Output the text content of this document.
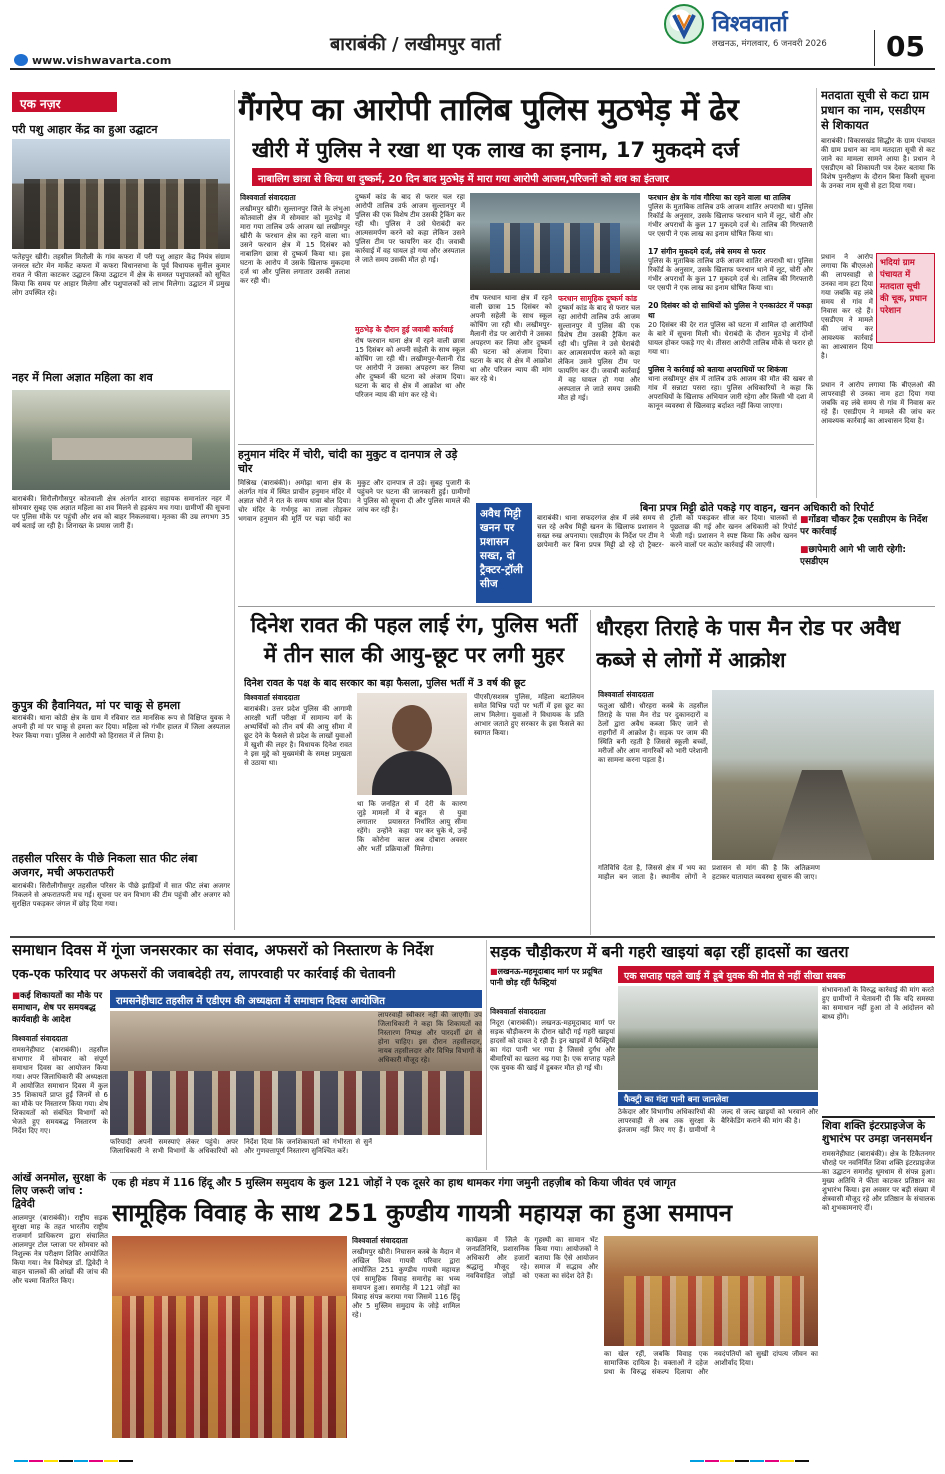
बाराबंकी / लखीमपुर वार्ता
विश्ववार्ता
लखनऊ, मंगलवार, 6 जनवरी 2026 05
www.vishwavarta.com
एक नज़र
परी पशु आहार केंद्र का हुआ उद्घाटन
फतेहपुर खीरी। तहसील मितौली के गांव कफरा में परी पशु आहार केंद्र नियंत्र संग्राम जनरल स्टोर मेन मार्केट कफरा में कफरा विधानसभा के पूर्व विधायक सुनील कुमार रावत ने फीता काटकर उद्घाटन किया उद्घाटन में क्षेत्र के समस्त पशुपालकों को सूचित किया कि समय पर आहार मिलेगा और पशुपालकों को लाभ मिलेगा। उद्घाटन में प्रमुख लोग उपस्थित रहे।
नहर में मिला अज्ञात महिला का शव
बाराबंकी। सिरौलीगौसपुर कोतवाली क्षेत्र अंतर्गत शारदा सहायक समानांतर नहर में सोमवार सुबह एक अज्ञात महिला का शव मिलने से हड़कंप मच गया। ग्रामीणों की सूचना पर पुलिस मौके पर पहुंची और शव को बाहर निकलवाया। मृतका की उम्र लगभग 35 वर्ष बताई जा रही है। शिनाख्त के प्रयास जारी हैं।
कुपुत्र की हैवानियत, मां पर चाकू से हमला
बाराबंकी। थाना कोठी क्षेत्र के ग्राम में रविवार रात मानसिक रूप से विक्षिप्त युवक ने अपनी ही मां पर चाकू से हमला कर दिया। महिला को गंभीर हालत में जिला अस्पताल रेफर किया गया। पुलिस ने आरोपी को हिरासत में ले लिया है।
तहसील परिसर के पीछे निकला सात फीट लंबा अजगर, मची अफरातफरी
बाराबंकी। सिरौलीगौसपुर तहसील परिसर के पीछे झाड़ियों में सात फीट लंबा अजगर निकलने से अफरातफरी मच गई। सूचना पर वन विभाग की टीम पहुंची और अजगर को सुरक्षित पकड़कर जंगल में छोड़ दिया गया।
गैंगरेप का आरोपी तालिब पुलिस मुठभेड़ में ढेर
खीरी में पुलिस ने रखा था एक लाख का इनाम, 17 मुकदमे दर्ज
नाबालिग छात्रा से किया था दुष्कर्म, 20 दिन बाद मुठभेड़ में मारा गया आरोपी आजम,परिजनों को शव का इंतजार
विश्ववार्ता संवाददाता
लखीमपुर खीरी। सुल्तानपुर जिले के लंभुआ कोतवाली क्षेत्र में सोमवार को मुठभेड़ में मारा गया तालिब उर्फ आजम खां लखीमपुर खीरी के फरधान क्षेत्र का रहने वाला था। उसने फरधान क्षेत्र में 15 दिसंबर को नाबालिग छात्रा से दुष्कर्म किया था। इस घटना के आरोप में उसके खिलाफ मुकदमा दर्ज था और पुलिस लगातार उसकी तलाश कर रही थी।
दुष्कर्म कांड के बाद से फरार चल रहा आरोपी तालिब उर्फ आजम सुल्तानपुर में पुलिस की एक विशेष टीम उसकी ट्रैकिंग कर रही थी। पुलिस ने उसे घेराबंदी कर आत्मसमर्पण करने को कहा लेकिन उसने पुलिस टीम पर फायरिंग कर दी। जवाबी कार्रवाई में वह घायल हो गया और अस्पताल ले जाते समय उसकी मौत हो गई।
मुठभेड़ के दौरान हुई जवाबी कार्रवाई
रोष फरधान थाना क्षेत्र में रहने वाली छात्रा 15 दिसंबर को अपनी सहेली के साथ स्कूल कोचिंग जा रही थी। लखीमपुर-मैलानी रोड पर आरोपी ने उसका अपहरण कर लिया और दुष्कर्म की घटना को अंजाम दिया। घटना के बाद से क्षेत्र में आक्रोश था और परिजन न्याय की मांग कर रहे थे।
रोष फरधान थाना क्षेत्र में रहने वाली छात्रा 15 दिसंबर को अपनी सहेली के साथ स्कूल कोचिंग जा रही थी। लखीमपुर-मैलानी रोड पर आरोपी ने उसका अपहरण कर लिया और दुष्कर्म की घटना को अंजाम दिया। घटना के बाद से क्षेत्र में आक्रोश था और परिजन न्याय की मांग कर रहे थे।
फरधान सामूहिक दुष्कर्म कांड
दुष्कर्म कांड के बाद से फरार चल रहा आरोपी तालिब उर्फ आजम सुल्तानपुर में पुलिस की एक विशेष टीम उसकी ट्रैकिंग कर रही थी। पुलिस ने उसे घेराबंदी कर आत्मसमर्पण करने को कहा लेकिन उसने पुलिस टीम पर फायरिंग कर दी। जवाबी कार्रवाई में वह घायल हो गया और अस्पताल ले जाते समय उसकी मौत हो गई।
फरधान क्षेत्र के गांव गौरिया का रहने वाला था तालिब
पुलिस के मुताबिक तालिब उर्फ आजम शातिर अपराधी था। पुलिस रिकॉर्ड के अनुसार, उसके खिलाफ फरधान थाने में लूट, चोरी और गंभीर अपराधों के कुल 17 मुकदमे दर्ज थे। तालिब की गिरफ्तारी पर एसपी ने एक लाख का इनाम घोषित किया था।
17 संगीन मुकदमे दर्ज, लंबे समय से फरार
पुलिस के मुताबिक तालिब उर्फ आजम शातिर अपराधी था। पुलिस रिकॉर्ड के अनुसार, उसके खिलाफ फरधान थाने में लूट, चोरी और गंभीर अपराधों के कुल 17 मुकदमे दर्ज थे। तालिब की गिरफ्तारी पर एसपी ने एक लाख का इनाम घोषित किया था।
20 दिसंबर को दो साथियों को पुलिस ने एनकाउंटर में पकड़ा था
20 दिसंबर की देर रात पुलिस को घटना में शामिल दो आरोपियों के बारे में सूचना मिली थी। घेराबंदी के दौरान मुठभेड़ में दोनों घायल होकर पकड़े गए थे। तीसरा आरोपी तालिब मौके से फरार हो गया था।
पुलिस ने कार्रवाई को बताया अपराधियों पर शिकंजा
थाना लखीमपुर क्षेत्र में तालिब उर्फ आजम की मौत की खबर से गांव में सन्नाटा पसरा रहा। पुलिस अधिकारियों ने कहा कि अपराधियों के खिलाफ अभियान जारी रहेगा और किसी भी दशा में कानून व्यवस्था से खिलवाड़ बर्दाश्त नहीं किया जाएगा।
मतदाता सूची से कटा ग्राम प्रधान का नाम, एसडीएम से शिकायत
बाराबंकी। विकासखंड सिद्धौर के ग्राम पंचायत की ग्राम प्रधान का नाम मतदाता सूची से कट जाने का मामला सामने आया है। प्रधान ने एसडीएम को शिकायती पत्र देकर बताया कि विशेष पुनरीक्षण के दौरान बिना किसी सूचना के उनका नाम सूची से हटा दिया गया।
प्रधान ने आरोप लगाया कि बीएलओ की लापरवाही से उनका नाम हटा दिया गया जबकि वह लंबे समय से गांव में निवास कर रहे हैं। एसडीएम ने मामले की जांच कर आवश्यक कार्रवाई का आश्वासन दिया है।
भदियां ग्राम पंचायत में मतदाता सूची की चूक, प्रधान परेशान
प्रधान ने आरोप लगाया कि बीएलओ की लापरवाही से उनका नाम हटा दिया गया जबकि वह लंबे समय से गांव में निवास कर रहे हैं। एसडीएम ने मामले की जांच कर आवश्यक कार्रवाई का आश्वासन दिया है।
हनुमान मंदिर में चोरी, चांदी का मुकुट व दानपात्र ले उड़े चोर
मिश्रिख (बाराबंकी)। अमोढ़ा थाना क्षेत्र के अंतर्गत गांव में स्थित प्राचीन हनुमान मंदिर में अज्ञात चोरों ने रात के समय धावा बोल दिया। चोर मंदिर के गर्भगृह का ताला तोड़कर भगवान हनुमान की मूर्ति पर चढ़ा चांदी का मुकुट और दानपात्र ले उड़े। सुबह पुजारी के पहुंचने पर घटना की जानकारी हुई। ग्रामीणों ने पुलिस को सूचना दी और पुलिस मामले की जांच कर रही है।	अवैध मिट्टी खनन पर प्रशासन सख्त, दो ट्रैक्टर-ट्रॉली सीज
बिना प्रपत्र मिट्टी ढोते पकड़े गए वाहन, खनन अधिकारी को रिपोर्ट
बाराबंकी। थाना सफदरगंज क्षेत्र में लंबे समय से चल रहे अवैध मिट्टी खनन के खिलाफ प्रशासन ने सख्त रुख अपनाया। एसडीएम के निर्देश पर टीम ने छापेमारी कर बिना प्रपत्र मिट्टी ढो रहे दो ट्रैक्टर-ट्रॉली को पकड़कर सीज कर दिया। चालकों से पूछताछ की गई और खनन अधिकारी को रिपोर्ट भेजी गई। प्रशासन ने स्पष्ट किया कि अवैध खनन करने वालों पर कठोर कार्रवाई की जाएगी।
■ गोंडवा चौकर ट्रैक एसडीएम के निर्देश पर कार्रवाई
■ छापेमारी आगे भी जारी रहेगी: एसडीएम
दिनेश रावत की पहल लाई रंग, पुलिस भर्ती में तीन साल की आयु-छूट पर लगी मुहर
दिनेश रावत के पक्ष के बाद सरकार का बड़ा फैसला, पुलिस भर्ती में 3 वर्ष की छूट
विश्ववार्ता संवाददाता
बाराबंकी। उत्तर प्रदेश पुलिस की आगामी आरक्षी भर्ती परीक्षा में सामान्य वर्ग के अभ्यर्थियों को तीन वर्ष की आयु सीमा में छूट देने के फैसले से प्रदेश के लाखों युवाओं में खुशी की लहर है। विधायक दिनेश रावत ने इस मुद्दे को मुख्यमंत्री के समक्ष प्रमुखता से उठाया था।
था कि जनहित से जुड़े मामलों में वे लगातार प्रयासरत रहेंगे। उन्होंने कहा कि कोरोना काल और भर्ती प्रक्रियाओं में देरी के कारण बहुत से युवा निर्धारित आयु सीमा पार कर चुके थे, उन्हें अब दोबारा अवसर मिलेगा।
पीएसी/सशस्त्र पुलिस, महिला बटालियन समेत विभिन्न पदों पर भर्ती में इस छूट का लाभ मिलेगा। युवाओं ने विधायक के प्रति आभार जताते हुए सरकार के इस फैसले का स्वागत किया।
धौरहरा तिराहे के पास मैन रोड पर अवैध कब्जे से लोगों में आक्रोश
विश्ववार्ता संवाददाता
फतुआ खीरी। धौरहरा कस्बे के तहसील तिराहे के पास मैन रोड पर दुकानदारों व ठेलों द्वारा अवैध कब्जा किए जाने से राहगीरों में आक्रोश है। सड़क पर जाम की स्थिति बनी रहती है जिससे स्कूली बच्चों, मरीजों और आम नागरिकों को भारी परेशानी का सामना करना पड़ता है।
गतिविधि देता है, जिससे क्षेत्र में भय का माहौल बन जाता है। स्थानीय लोगों ने प्रशासन से मांग की है कि अतिक्रमण हटाकर यातायात व्यवस्था सुचारु की जाए।
समाधान दिवस में गूंजा जनसरकार का संवाद, अफसरों को निस्तारण के निर्देश
एक-एक फरियाद पर अफसरों की जवाबदेही तय, लापरवाही पर कार्रवाई की चेतावनी
■ कई शिकायतों का मौके पर समाधान, शेष पर समयबद्ध कार्यवाही के आदेश
रामसनेहीघाट तहसील में एडीएम की अध्यक्षता में समाधान दिवस आयोजित
विश्ववार्ता संवाददाता
रामसनेहीघाट (बाराबंकी)। तहसील सभागार में सोमवार को संपूर्ण समाधान दिवस का आयोजन किया गया। अपर जिलाधिकारी की अध्यक्षता में आयोजित समाधान दिवस में कुल 35 शिकायतें प्राप्त हुईं जिनमें से 6 का मौके पर निस्तारण किया गया। शेष शिकायतों को संबंधित विभागों को भेजते हुए समयबद्ध निस्तारण के निर्देश दिए गए।
फरियादी अपनी समस्याएं लेकर पहुंचे। अपर जिलाधिकारी ने सभी विभागों के अधिकारियों को निर्देश दिया कि जनशिकायतों को गंभीरता से सुनें और गुणवत्तापूर्ण निस्तारण सुनिश्चित करें।
लापरवाही स्वीकार नहीं की जाएगी। उप जिलाधिकारी ने कहा कि शिकायतों का निस्तारण निष्पक्ष और पारदर्शी ढंग से होना चाहिए। इस दौरान तहसीलदार, नायब तहसीलदार और विभिन्न विभागों के अधिकारी मौजूद रहे।
आंखें अनमोल, सुरक्षा के लिए जरूरी जांच : द्विवेदी
आलमपुर (बाराबंकी)। राष्ट्रीय सड़क सुरक्षा माह के तहत भारतीय राष्ट्रीय राजमार्ग प्राधिकरण द्वारा संचालित आलमपुर टोल प्लाजा पर सोमवार को निशुल्क नेत्र परीक्षण शिविर आयोजित किया गया। नेत्र विशेषज्ञ डॉ. द्विवेदी ने वाहन चालकों की आंखों की जांच की और चश्मा वितरित किए।
सड़क चौड़ीकरण में बनी गहरी खाइयां बढ़ा रहीं हादसों का खतरा
■ लखनऊ-महमूदाबाद मार्ग पर प्रदूषित पानी छोड़ रहीं फैक्ट्रियां
एक सप्ताह पहले खाई में डूबे युवक की मौत से नहीं सीखा सबक
विश्ववार्ता संवाददाता
निदूरा (बाराबंकी)। लखनऊ-महमूदाबाद मार्ग पर सड़क चौड़ीकरण के दौरान खोदी गई गहरी खाइयां हादसों को दावत दे रही हैं। इन खाइयों में फैक्ट्रियों का गंदा पानी भर गया है जिससे दुर्गंध और बीमारियों का खतरा बढ़ गया है। एक सप्ताह पहले एक युवक की खाई में डूबकर मौत हो गई थी।
फैक्ट्री का गंदा पानी बना जानलेवा
ठेकेदार और विभागीय अधिकारियों की लापरवाही से अब तक सुरक्षा के इंतजाम नहीं किए गए हैं। ग्रामीणों ने जल्द से जल्द खाइयों को भरवाने और बैरिकेडिंग कराने की मांग की है।
संभावनाओं के विरुद्ध कार्रवाई की मांग करते हुए ग्रामीणों ने चेतावनी दी कि यदि समस्या का समाधान नहीं हुआ तो वे आंदोलन को बाध्य होंगे।
शिवा शक्ति इंटरप्राइजेज के शुभारंभ पर उमड़ा जनसमर्थन
रामसनेहीघाट (बाराबंकी)। क्षेत्र के टिकैतनगर चौराहे पर नवनिर्मित शिवा शक्ति इंटरप्राइजेज का उद्घाटन समारोह धूमधाम से संपन्न हुआ। मुख्य अतिथि ने फीता काटकर प्रतिष्ठान का शुभारंभ किया। इस अवसर पर बड़ी संख्या में क्षेत्रवासी मौजूद रहे और प्रतिष्ठान के संचालक को शुभकामनाएं दीं।
एक ही मंडप में 116 हिंदू और 5 मुस्लिम समुदाय के कुल 121 जोड़ों ने एक दूसरे का हाथ थामकर गंगा जमुनी तहज़ीब को किया जीवंत एवं जागृत
सामूहिक विवाह के साथ 251 कुण्डीय गायत्री महायज्ञ का हुआ समापन
विश्ववार्ता संवाददाता
लखीमपुर खीरी। निघासन कस्बे के मैदान में अखिल विश्व गायत्री परिवार द्वारा आयोजित 251 कुण्डीय गायत्री महायज्ञ एवं सामूहिक विवाह समारोह का भव्य समापन हुआ। समारोह में 121 जोड़ों का विवाह संपन्न कराया गया जिसमें 116 हिंदू और 5 मुस्लिम समुदाय के जोड़े शामिल रहे।
कार्यक्रम में जिले के जनप्रतिनिधि, प्रशासनिक अधिकारी और हजारों श्रद्धालु मौजूद रहे। नवविवाहित जोड़ों को गृहस्थी का सामान भेंट किया गया। आयोजकों ने बताया कि ऐसे आयोजन समाज में सद्भाव और एकता का संदेश देते हैं।
का खेल रहीं, जबकि विवाह एक सामाजिक दायित्व है। वक्ताओं ने दहेज प्रथा के विरुद्ध संकल्प दिलाया और नवदंपतियों को सुखी दांपत्य जीवन का आशीर्वाद दिया।
